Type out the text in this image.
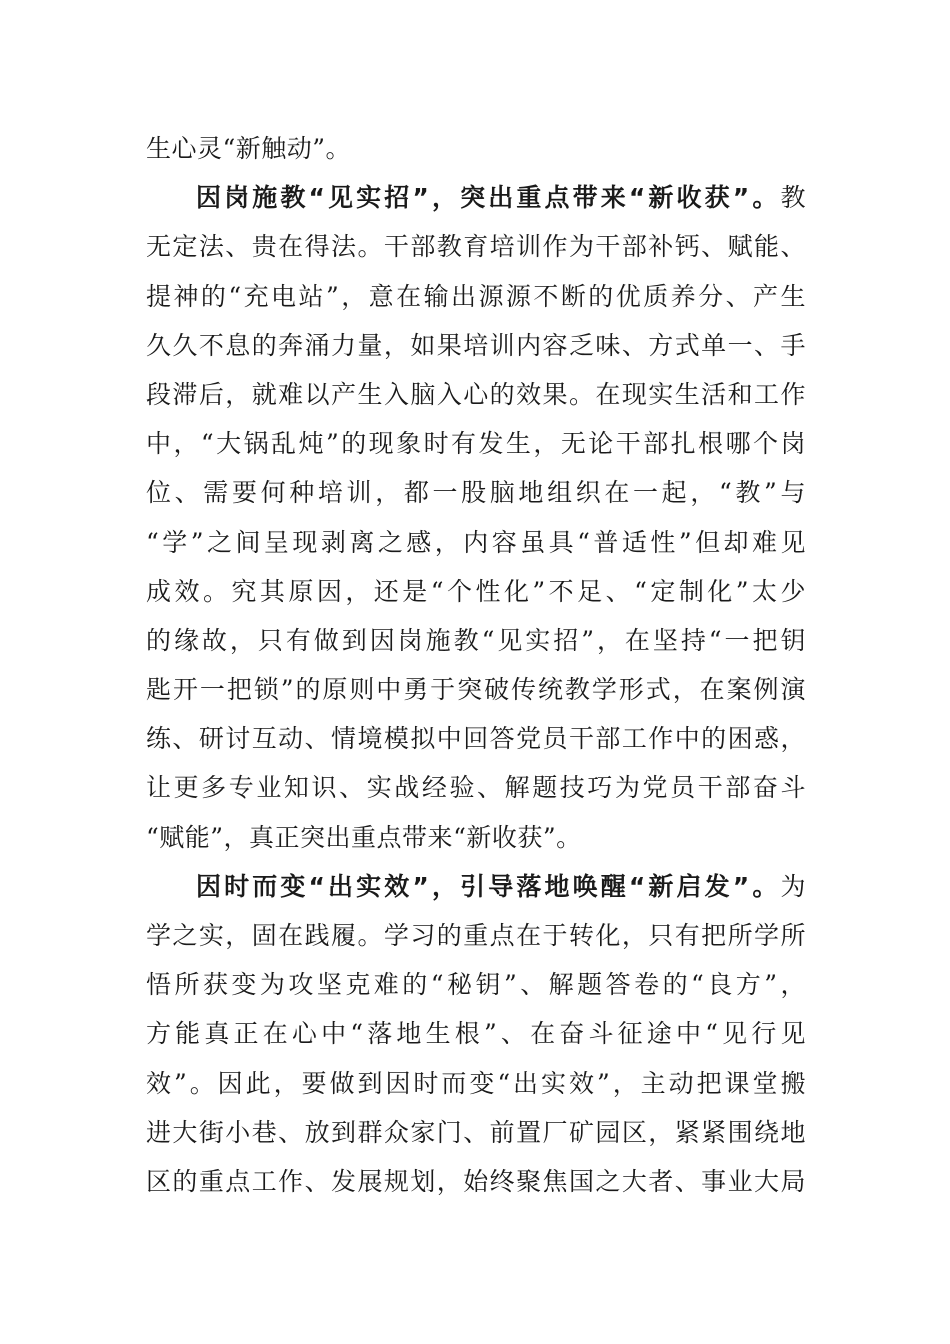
生心灵“新触动”。
因岗施教“见实招”，突出重点带来“新收获”。教
无定法、贵在得法。干部教育培训作为干部补钙、赋能、
提神的“充电站”，意在输出源源不断的优质养分、产生
久久不息的奔涌力量，如果培训内容乏味、方式单一、手
段滞后，就难以产生入脑入心的效果。在现实生活和工作
中，“大锅乱炖”的现象时有发生，无论干部扎根哪个岗
位、需要何种培训，都一股脑地组织在一起，“教”与
“学”之间呈现剥离之感，内容虽具“普适性”但却难见
成效。究其原因，还是“个性化”不足、“定制化”太少
的缘故，只有做到因岗施教“见实招”，在坚持“一把钥
匙开一把锁”的原则中勇于突破传统教学形式，在案例演
练、研讨互动、情境模拟中回答党员干部工作中的困惑，
让更多专业知识、实战经验、解题技巧为党员干部奋斗
“赋能”，真正突出重点带来“新收获”。
因时而变“出实效”，引导落地唤醒“新启发”。为
学之实，固在践履。学习的重点在于转化，只有把所学所
悟所获变为攻坚克难的“秘钥”、解题答卷的“良方”，
方能真正在心中“落地生根”、在奋斗征途中“见行见
效”。因此，要做到因时而变“出实效”，主动把课堂搬
进大街小巷、放到群众家门、前置厂矿园区，紧紧围绕地
区的重点工作、发展规划，始终聚焦国之大者、事业大局
